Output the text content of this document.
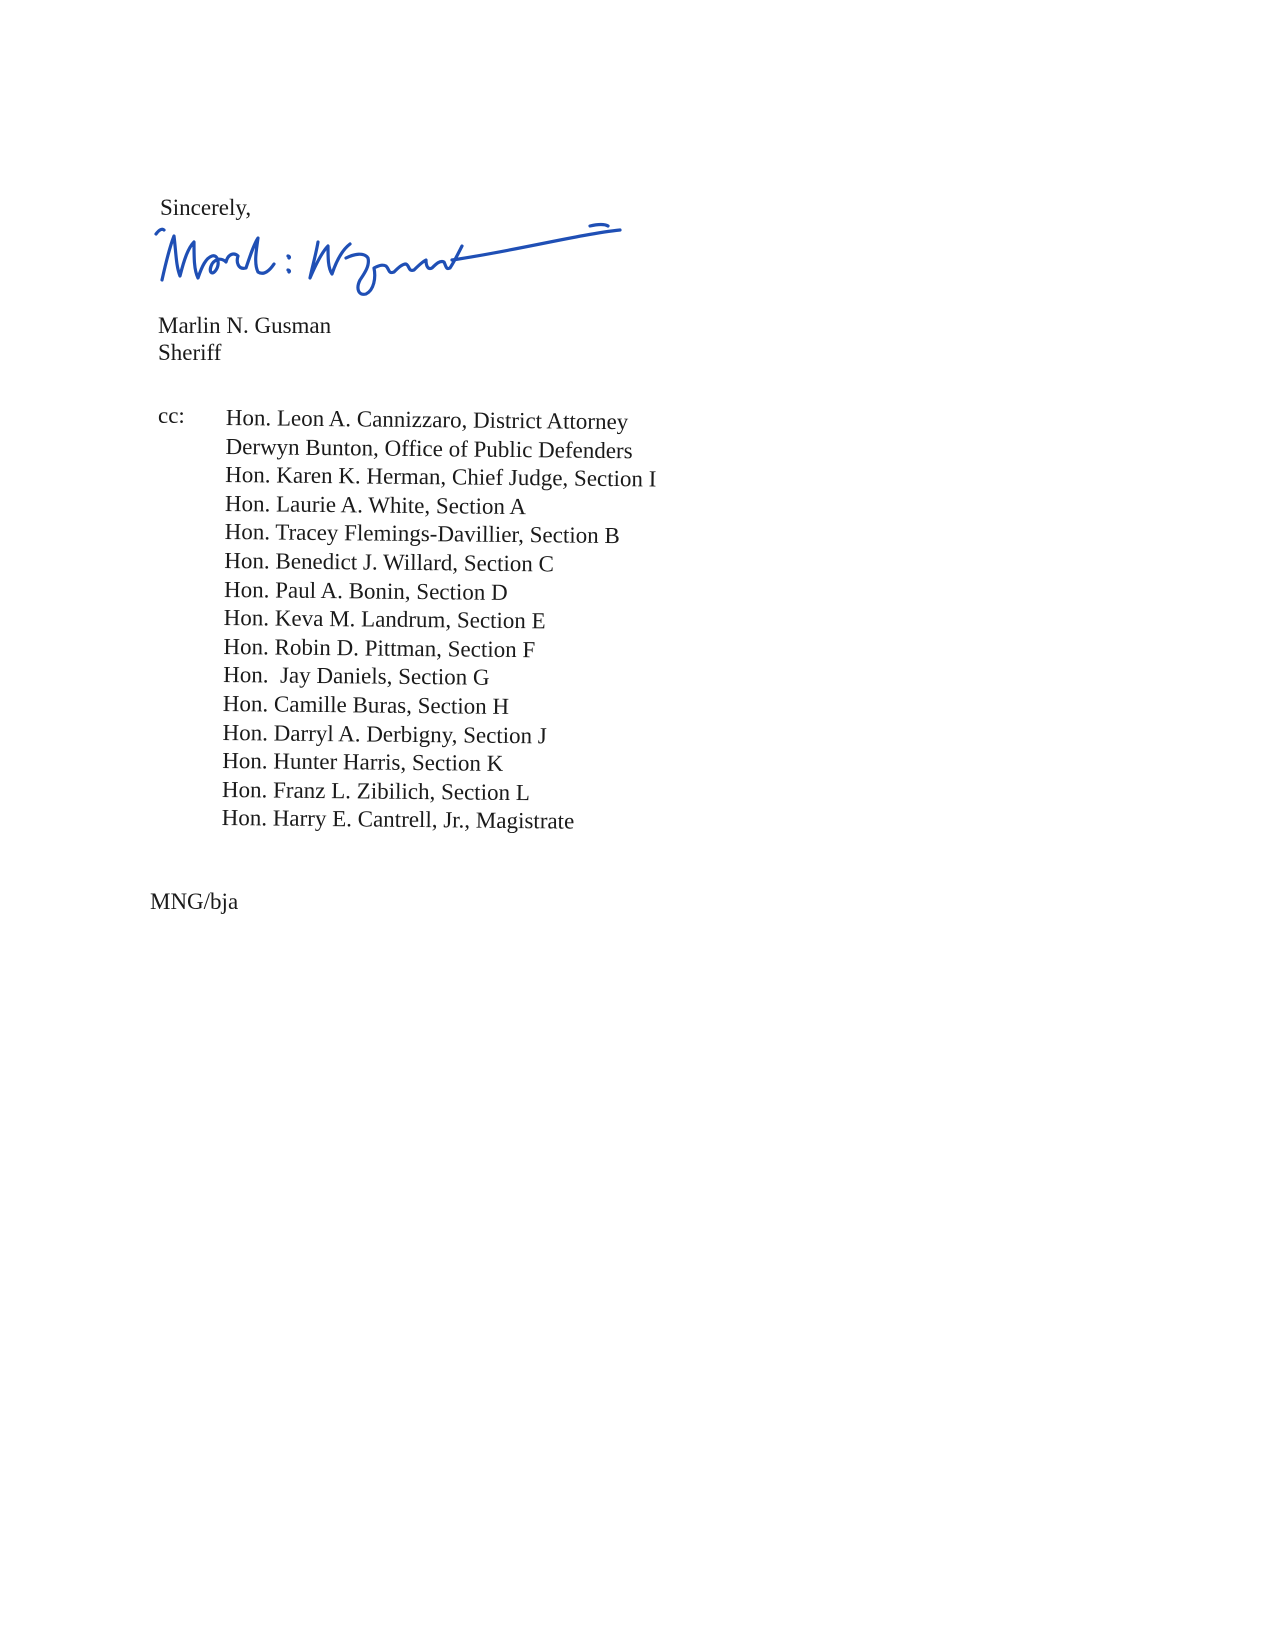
Sincerely,
Marlin N. Gusman
Sheriff
cc: Hon. Leon A. Cannizzaro, District Attorney
Derwyn Bunton, Office of Public Defenders
Hon. Karen K. Herman, Chief Judge, Section I
Hon. Laurie A. White, Section A
Hon. Tracey Flemings-Davillier, Section B
Hon. Benedict J. Willard, Section C
Hon. Paul A. Bonin, Section D
Hon. Keva M. Landrum, Section E
Hon. Robin D. Pittman, Section F
Hon.  Jay Daniels, Section G
Hon. Camille Buras, Section H
Hon. Darryl A. Derbigny, Section J
Hon. Hunter Harris, Section K
Hon. Franz L. Zibilich, Section L
Hon. Harry E. Cantrell, Jr., Magistrate
MNG/bja
